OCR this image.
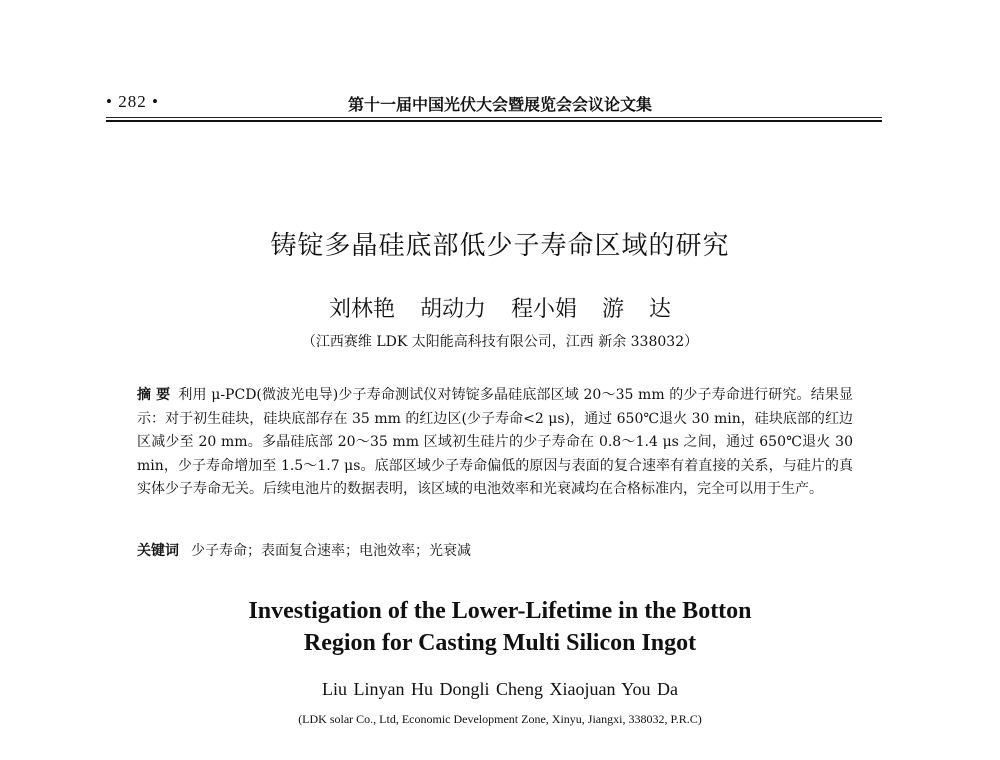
• 282 •	第十一届中国光伏大会暨展览会会议论文集
铸锭多晶硅底部低少子寿命区域的研究
刘林艳 胡动力 程小娟 游 达
（江西赛维 LDK 太阳能高科技有限公司，江西 新余 338032）
摘 要 利用 μ-PCD(微波光电导)少子寿命测试仪对铸锭多晶硅底部区域 20～35 mm 的少子寿命进行研究。结果显示：对于初生硅块，硅块底部存在 35 mm 的红边区(少子寿命<2 μs)，通过 650℃退火 30 min，硅块底部的红边区减少至 20 mm。多晶硅底部 20～35 mm 区域初生硅片的少子寿命在 0.8～1.4 μs 之间，通过 650℃退火 30 min，少子寿命增加至 1.5～1.7 μs。底部区域少子寿命偏低的原因与表面的复合速率有着直接的关系，与硅片的真实体少子寿命无关。后续电池片的数据表明，该区域的电池效率和光衰减均在合格标准内，完全可以用于生产。
关键词 少子寿命；表面复合速率；电池效率；光衰减
Investigation of the Lower-Lifetime in the Botton
Region for Casting Multi Silicon Ingot
Liu Linyan Hu Dongli Cheng Xiaojuan You Da
(LDK solar Co., Ltd, Economic Development Zone, Xinyu, Jiangxi, 338032, P.R.C)
